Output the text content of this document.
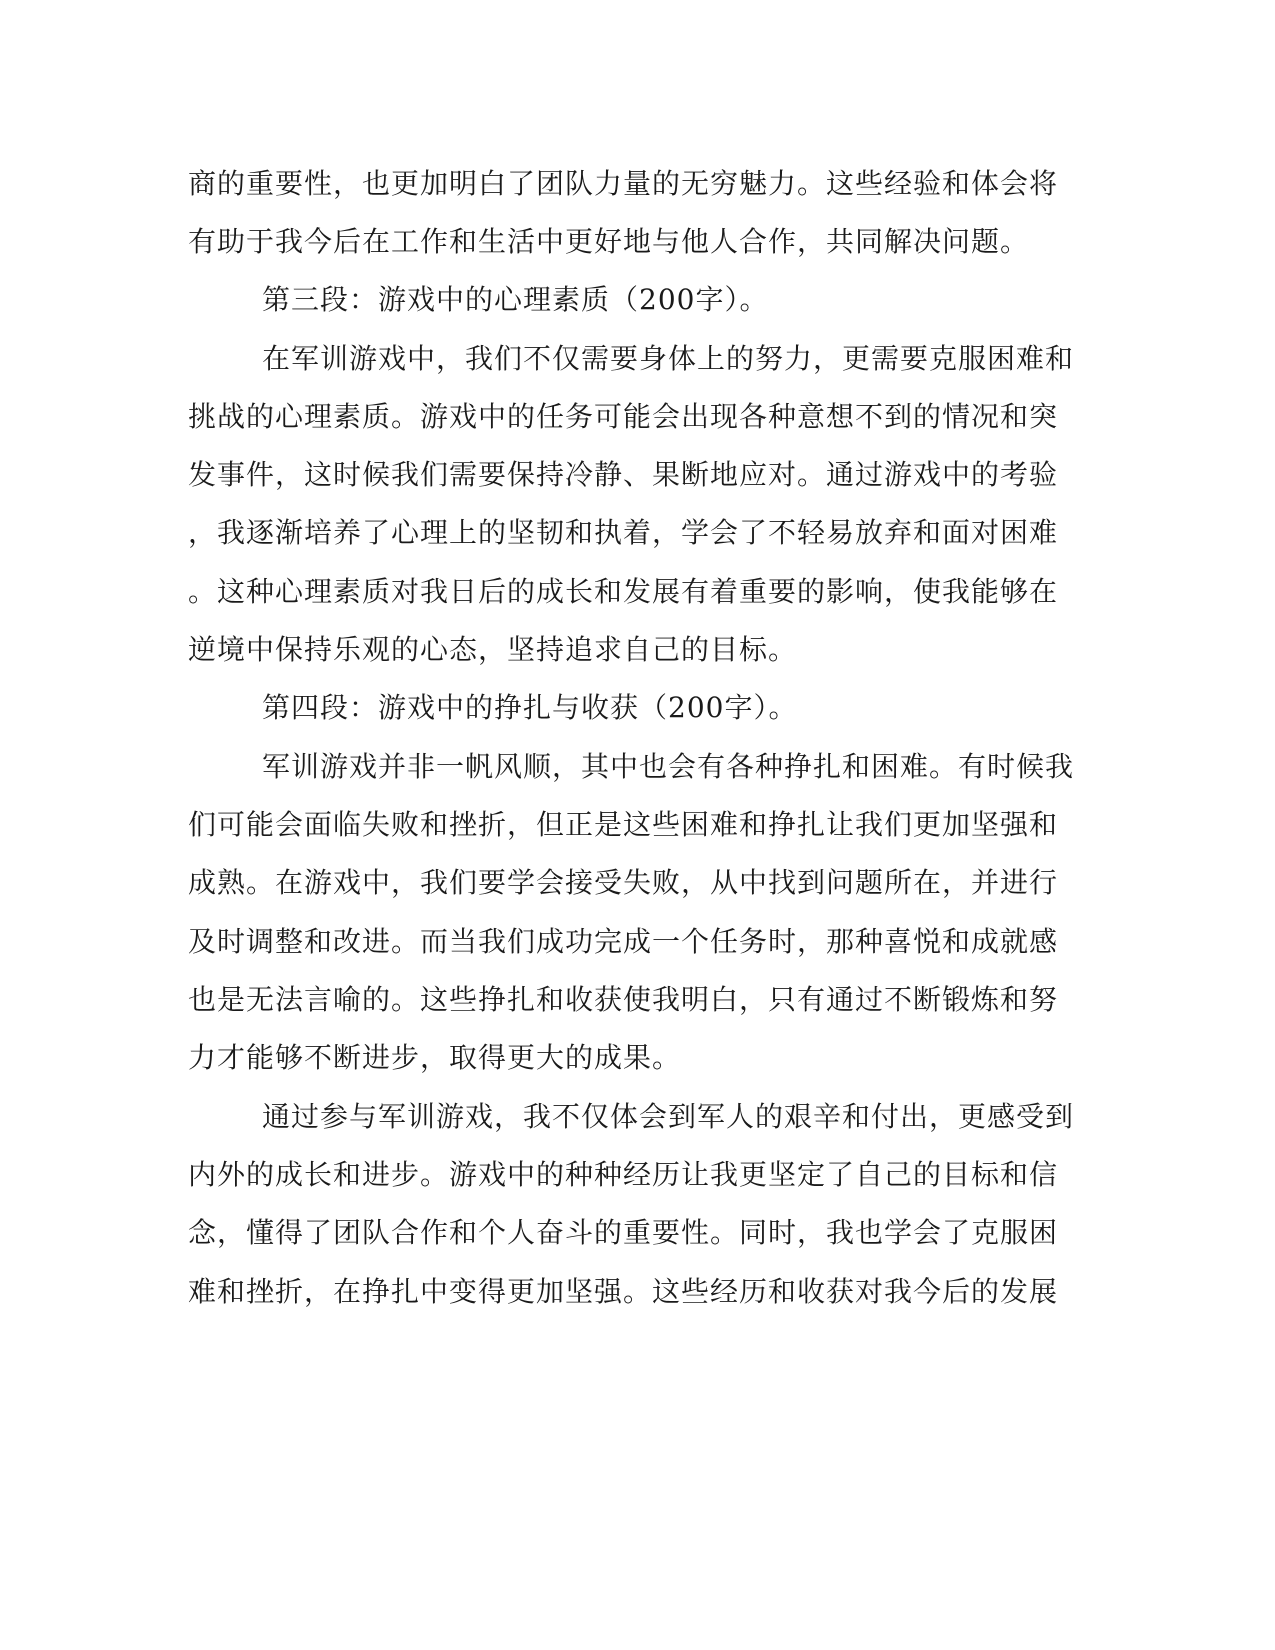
商的重要性，也更加明白了团队力量的无穷魅力。这些经验和体会将
有助于我今后在工作和生活中更好地与他人合作，共同解决问题。
第三段：游戏中的心理素质（200字）。
在军训游戏中，我们不仅需要身体上的努力，更需要克服困难和
挑战的心理素质。游戏中的任务可能会出现各种意想不到的情况和突
发事件，这时候我们需要保持冷静、果断地应对。通过游戏中的考验
，我逐渐培养了心理上的坚韧和执着，学会了不轻易放弃和面对困难
。这种心理素质对我日后的成长和发展有着重要的影响，使我能够在
逆境中保持乐观的心态，坚持追求自己的目标。
第四段：游戏中的挣扎与收获（200字）。
军训游戏并非一帆风顺，其中也会有各种挣扎和困难。有时候我
们可能会面临失败和挫折，但正是这些困难和挣扎让我们更加坚强和
成熟。在游戏中，我们要学会接受失败，从中找到问题所在，并进行
及时调整和改进。而当我们成功完成一个任务时，那种喜悦和成就感
也是无法言喻的。这些挣扎和收获使我明白，只有通过不断锻炼和努
力才能够不断进步，取得更大的成果。
通过参与军训游戏，我不仅体会到军人的艰辛和付出，更感受到
内外的成长和进步。游戏中的种种经历让我更坚定了自己的目标和信
念，懂得了团队合作和个人奋斗的重要性。同时，我也学会了克服困
难和挫折，在挣扎中变得更加坚强。这些经历和收获对我今后的发展
